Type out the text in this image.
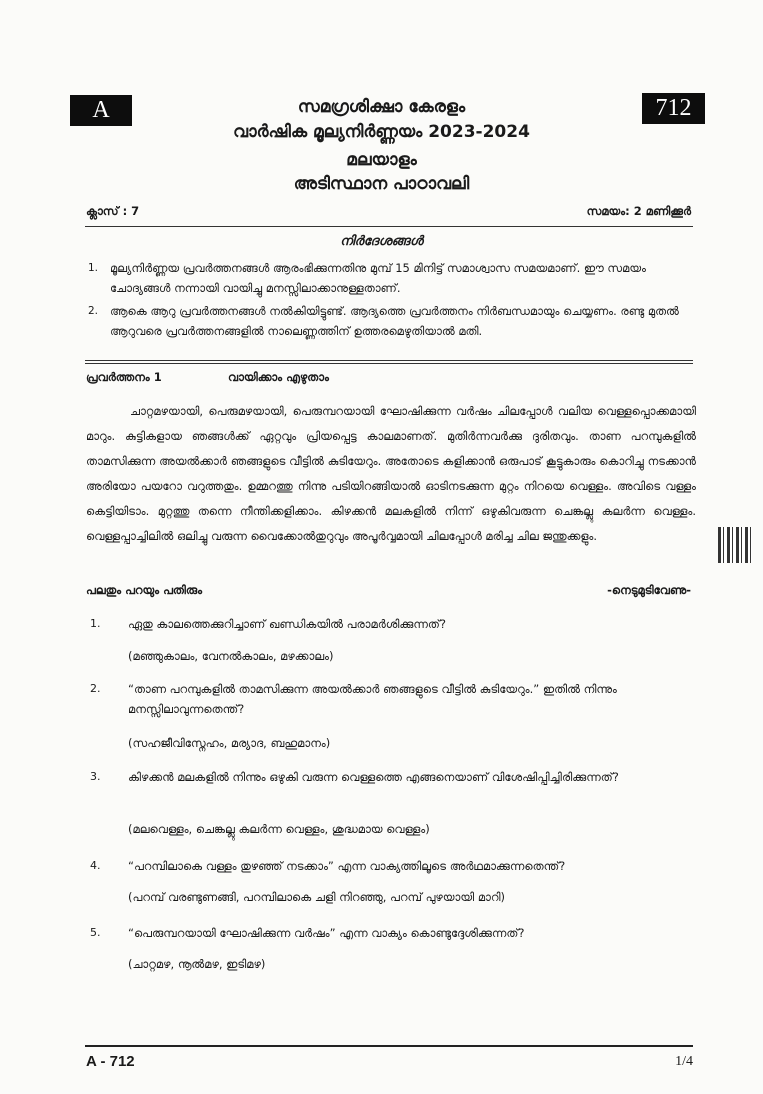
A	712
സമഗ്രശിക്ഷാ കേരളം
വാർഷിക മൂല്യനിർണ്ണയം 2023-2024
മലയാളം
അടിസ്ഥാന പാഠാവലി
ക്ലാസ് : 7	സമയം: 2 മണിക്കൂർ
നിർദേശങ്ങൾ
1. മൂല്യനിർണ്ണയ പ്രവർത്തനങ്ങൾ ആരംഭിക്കുന്നതിനു മുമ്പ് 15 മിനിട്ട് സമാശ്വാസ സമയമാണ്. ഈ സമയം ചോദ്യങ്ങൾ നന്നായി വായിച്ചു മനസ്സിലാക്കാനുള്ളതാണ്.
2. ആകെ ആറു പ്രവർത്തനങ്ങൾ നൽകിയിട്ടുണ്ട്. ആദ്യത്തെ പ്രവർത്തനം നിർബന്ധമായും ചെയ്യണം. രണ്ടു മുതൽ ആറുവരെ പ്രവർത്തനങ്ങളിൽ നാലെണ്ണത്തിന് ഉത്തരമെഴുതിയാൽ മതി.
പ്രവർത്തനം 1	വായിക്കാം എഴുതാം
ചാറ്റമഴയായി, പെരുമഴയായി, പെരുമ്പറയായി ഘോഷിക്കുന്ന വർഷം ചിലപ്പോൾ വലിയ വെള്ളപ്പൊക്കമായി മാറും. കുട്ടികളായ ഞങ്ങൾക്ക് ഏറ്റവും പ്രിയപ്പെട്ട കാലമാണത്. മുതിർന്നവർക്കു ദുരിതവും. താണ പറമ്പുകളിൽ താമസിക്കുന്ന അയൽക്കാർ ഞങ്ങളുടെ വീട്ടിൽ കുടിയേറും. അതോടെ കളിക്കാൻ ഒരുപാട് കൂട്ടുകാരും കൊറിച്ചു നടക്കാൻ അരിയോ പയറോ വറുത്തതും. ഉമ്മറത്തു നിന്നു പടിയിറങ്ങിയാൽ ഓടിനടക്കുന്ന മുറ്റം നിറയെ വെള്ളം. അവിടെ വള്ളം കെട്ടിയിടാം. മുറ്റത്തു തന്നെ നീന്തിക്കളിക്കാം. കിഴക്കൻ മലകളിൽ നിന്ന് ഒഴുകിവരുന്ന ചെങ്കല്ലു കലർന്ന വെള്ളം. വെള്ളപ്പാച്ചിലിൽ ഒലിച്ചു വരുന്ന വൈക്കോൽതുറുവും അപൂർവ്വമായി ചിലപ്പോൾ മരിച്ച ചില ജന്തുക്കളും.
പലതും പറയും പതിരും	-നെടുമുടിവേണു-
1. ഏതു കാലത്തെക്കുറിച്ചാണ് ഖണ്ഡികയിൽ പരാമർശിക്കുന്നത്?
(മഞ്ഞുകാലം, വേനൽകാലം, മഴക്കാലം)
2. “താണ പറമ്പുകളിൽ താമസിക്കുന്ന അയൽക്കാർ ഞങ്ങളുടെ വീട്ടിൽ കുടിയേറും.” ഇതിൽ നിന്നും മനസ്സിലാവുന്നതെന്ത്?
(സഹജീവിസ്നേഹം, മര്യാദ, ബഹുമാനം)
3. കിഴക്കൻ മലകളിൽ നിന്നും ഒഴുകി വരുന്ന വെള്ളത്തെ എങ്ങനെയാണ് വിശേഷിപ്പിച്ചിരിക്കുന്നത്?
(മലവെള്ളം, ചെങ്കല്ലു കലർന്ന വെള്ളം, ശുദ്ധമായ വെള്ളം)
4. “പറമ്പിലാകെ വള്ളം തുഴഞ്ഞ് നടക്കാം” എന്ന വാക്യത്തിലൂടെ അർഥമാക്കുന്നതെന്ത്?
(പറമ്പ് വരണ്ടുണങ്ങി, പറമ്പിലാകെ ചളി നിറഞ്ഞു, പറമ്പ് പുഴയായി മാറി)
5. “പെരുമ്പറയായി ഘോഷിക്കുന്ന വർഷം” എന്ന വാക്യം കൊണ്ടുദ്ദേശിക്കുന്നത്?
(ചാറ്റമഴ, നൂൽമഴ, ഇടിമഴ)
A - 712	1/4
